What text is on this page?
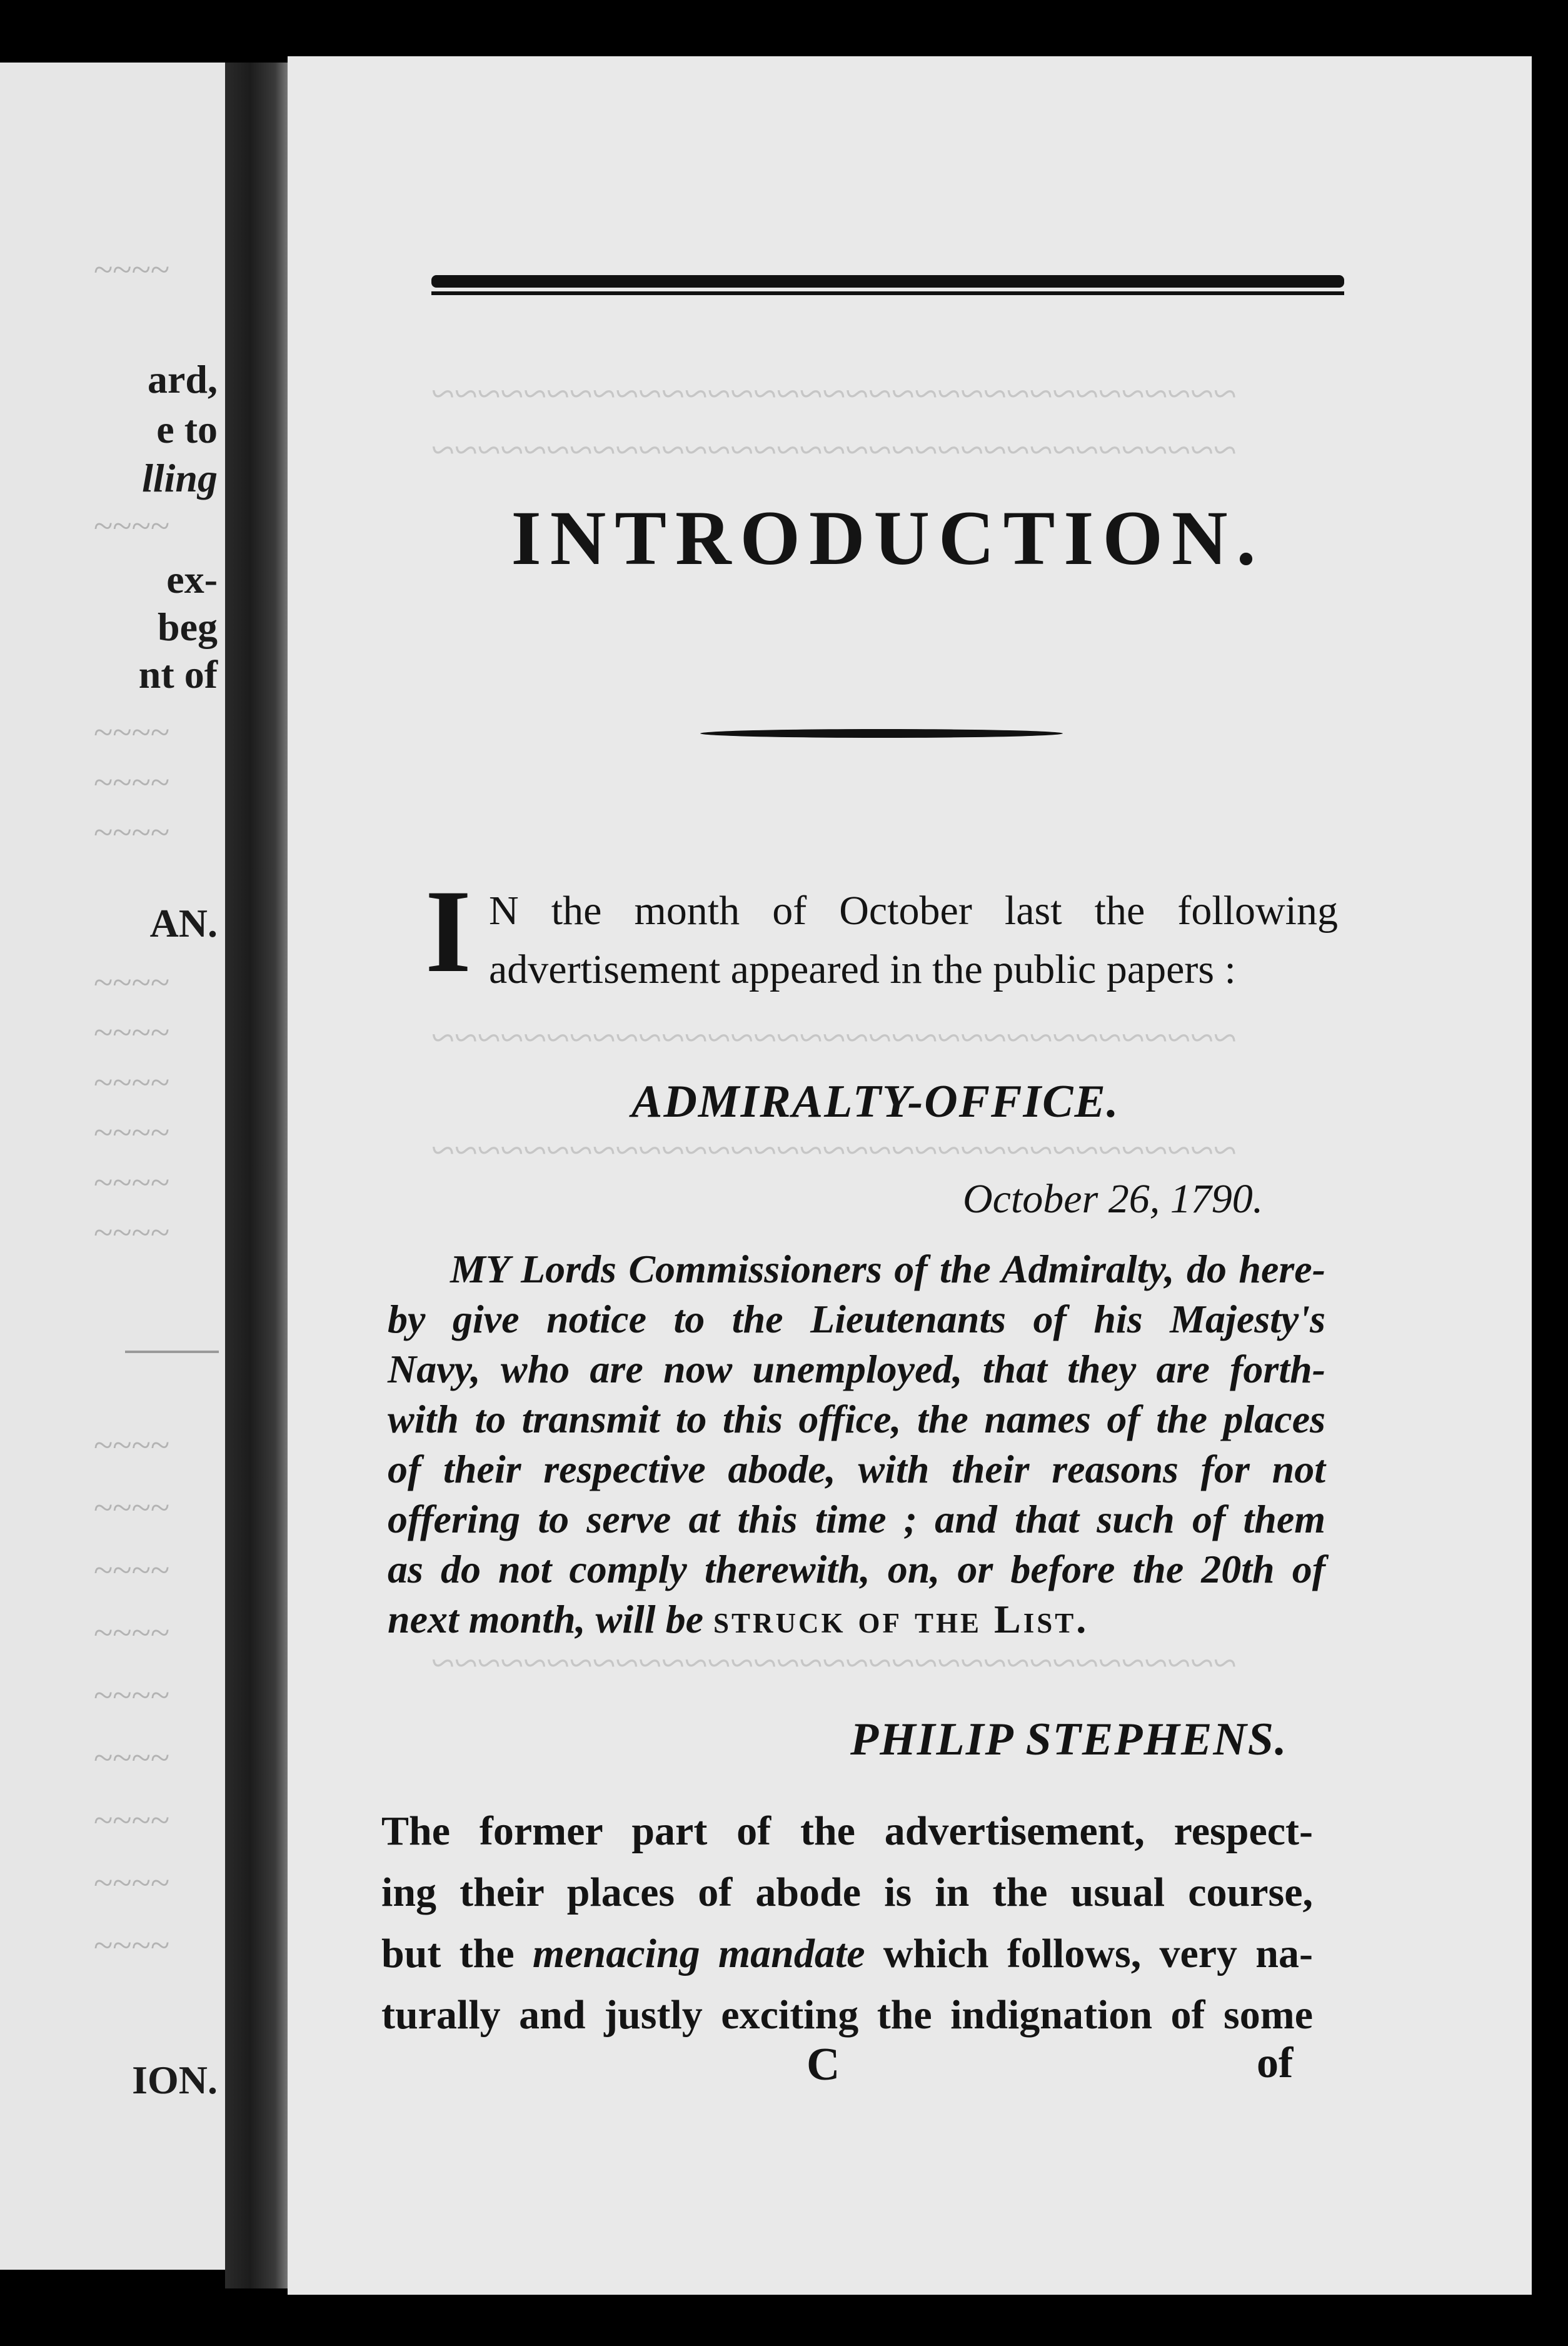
~~~~
ard,
e to
lling
~~~~
ex-
beg
nt of
~~~~
~~~~
~~~~
AN.
~~~~
~~~~
~~~~
~~~~
~~~~
~~~~
~~~~
~~~~
~~~~
~~~~
~~~~
~~~~
~~~~
~~~~
~~~~
ION.
~~~~~~~~~~~~~~~~~~~~~~~~~~~~~~~~~~~
~~~~~~~~~~~~~~~~~~~~~~~~~~~~~~~~~~~
~~~~~~~~~~~~~~~~~~~~~~~~~~~~~~~~~~~
~~~~~~~~~~~~~~~~~~~~~~~~~~~~~~~~~~~
~~~~~~~~~~~~~~~~~~~~~~~~~~~~~~~~~~~
INTRODUCTION.
I N the month of October last the following
advertisement appeared in the public papers :
ADMIRALTY-OFFICE.
October 26, 1790.
MY Lords Commissioners of the Admiralty, do here-
by give notice to the Lieutenants of his Majesty's
Navy, who are now unemployed, that they are forth-
with to transmit to this office, the names of the places
of their respective abode, with their reasons for not
offering to serve at this time ; and that such of them
as do not comply therewith, on, or before the 20th of
next month, will be struck of the List.
PHILIP STEPHENS.
The former part of the advertisement, respect-
ing their places of abode is in the usual course,
but the menacing mandate which follows, very na-
turally and justly exciting the indignation of some
C	of
